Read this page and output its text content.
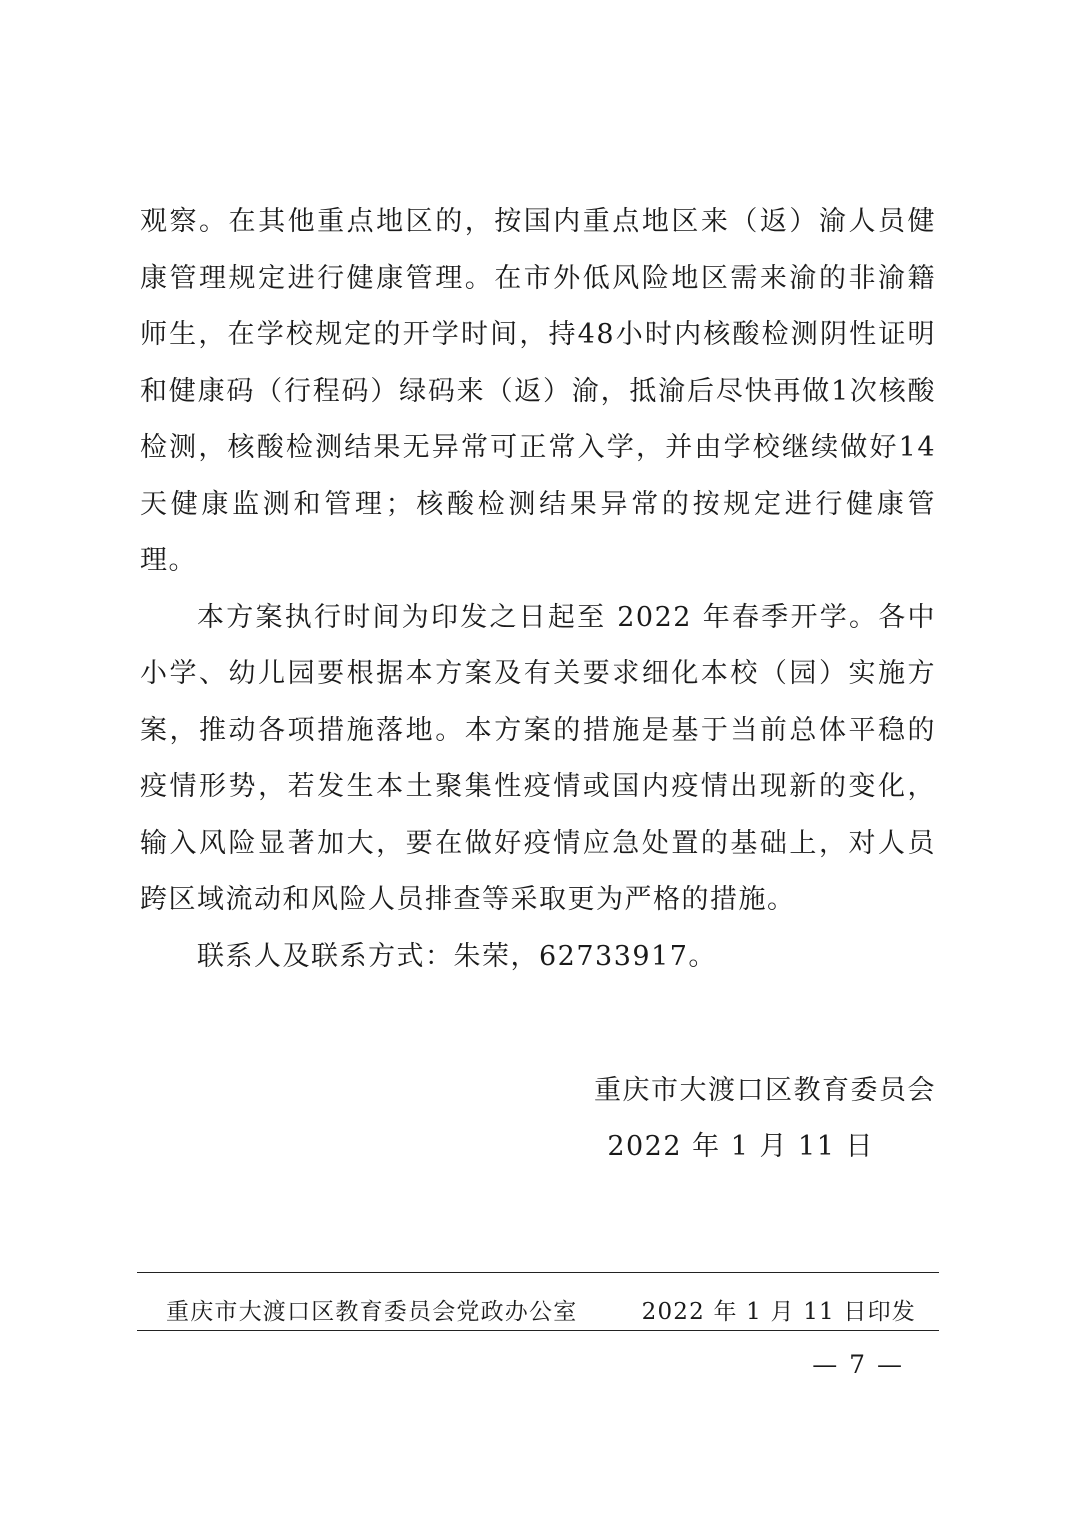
观察。在其他重点地区的，按国内重点地区来（返）渝人员健康管理规定进行健康管理。在市外低风险地区需来渝的非渝籍师生，在学校规定的开学时间，持48小时内核酸检测阴性证明和健康码（行程码）绿码来（返）渝，抵渝后尽快再做1次核酸检测，核酸检测结果无异常可正常入学，并由学校继续做好14天健康监测和管理；核酸检测结果异常的按规定进行健康管理。

本方案执行时间为印发之日起至 2022 年春季开学。各中小学、幼儿园要根据本方案及有关要求细化本校（园）实施方案，推动各项措施落地。本方案的措施是基于当前总体平稳的疫情形势，若发生本土聚集性疫情或国内疫情出现新的变化，输入风险显著加大，要在做好疫情应急处置的基础上，对人员跨区域流动和风险人员排查等采取更为严格的措施。

联系人及联系方式：朱荣，62733917。

重庆市大渡口区教育委员会
2022 年 1 月 11 日
重庆市大渡口区教育委员会党政办公室	2022 年 1 月 11 日印发
— 7 —
